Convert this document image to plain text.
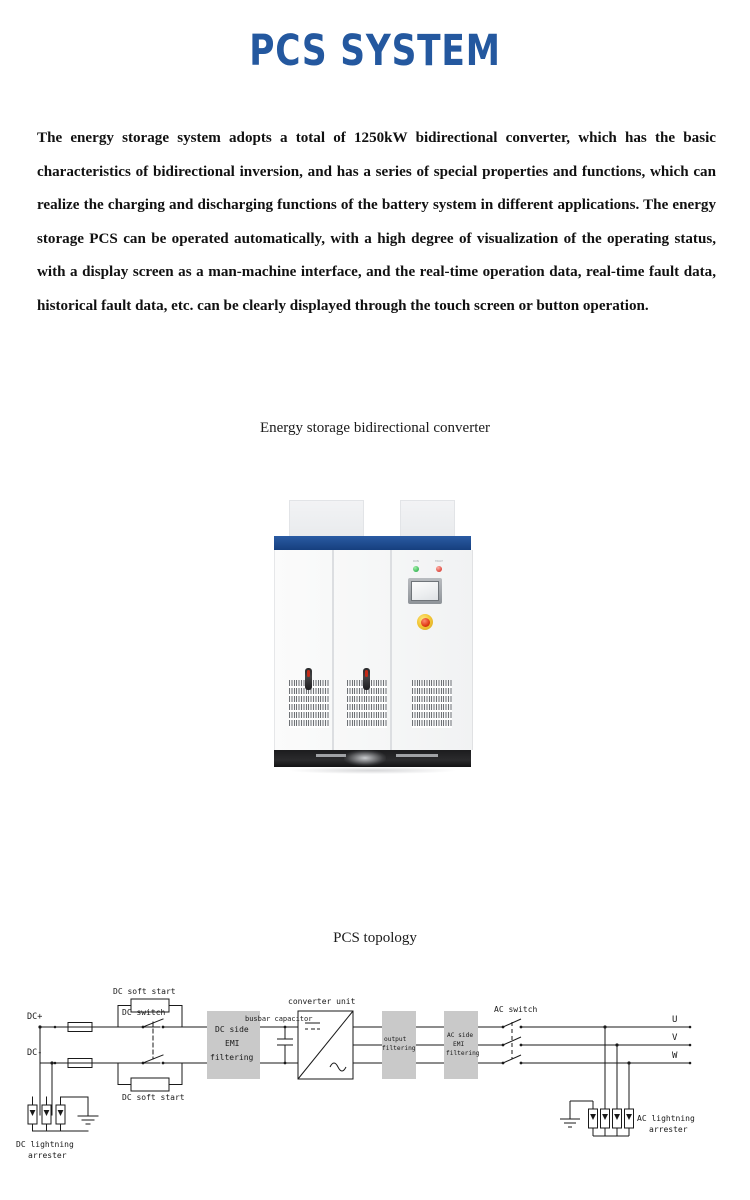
PCS SYSTEM
The energy storage system adopts a total of 1250kW bidirectional converter, which has the basic characteristics of bidirectional inversion, and has a series of special properties and functions, which can realize the charging and discharging functions of the battery system in different applications. The energy storage PCS can be operated automatically, with a high degree of visualization of the operating status, with a display screen as a man-machine interface, and the real-time operation data, real-time fault data, historical fault data, etc. can be clearly displayed through the touch screen or button operation.
Energy storage bidirectional converter
RUN	FAULT
PCS topology
DC+
DC-
DC soft start
DC soft start
DC switch
DC lightning
arrester
DC side
EMI
filtering
busbar capacitor
converter unit
output
filtering
AC side
EMI
filtering
AC switch
U
V
W
AC lightning
arrester
